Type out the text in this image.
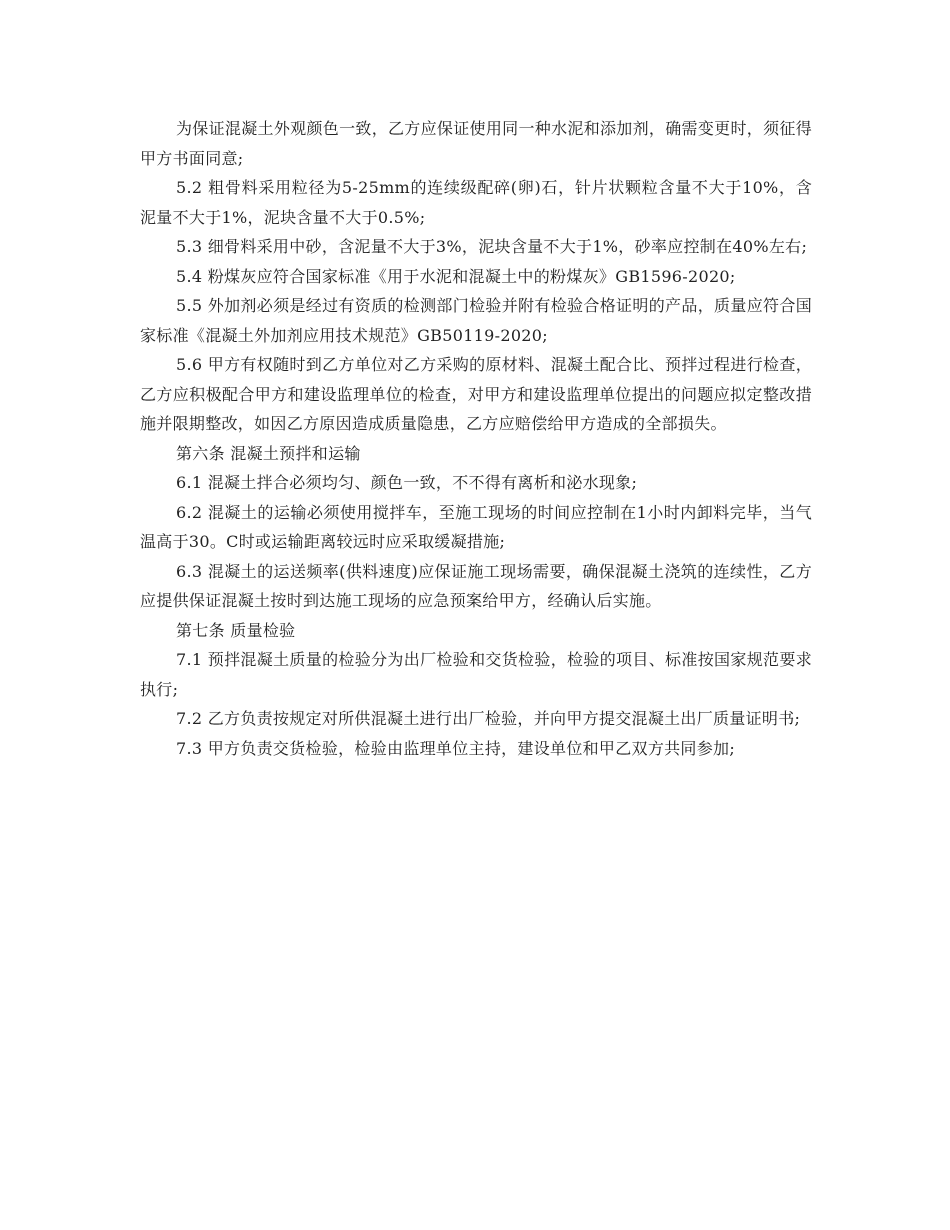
为保证混凝土外观颜色一致，乙方应保证使用同一种水泥和添加剂，确需变更时，须征得甲方书面同意;

5.2 粗骨料采用粒径为5-25mm的连续级配碎(卵)石，针片状颗粒含量不大于10%，含泥量不大于1%，泥块含量不大于0.5%;

5.3 细骨料采用中砂，含泥量不大于3%，泥块含量不大于1%，砂率应控制在40%左右;

5.4 粉煤灰应符合国家标准《用于水泥和混凝土中的粉煤灰》GB1596-2020;

5.5 外加剂必须是经过有资质的检测部门检验并附有检验合格证明的产品，质量应符合国家标准《混凝土外加剂应用技术规范》GB50119-2020;

5.6 甲方有权随时到乙方单位对乙方采购的原材料、混凝土配合比、预拌过程进行检查，乙方应积极配合甲方和建设监理单位的检查，对甲方和建设监理单位提出的问题应拟定整改措施并限期整改，如因乙方原因造成质量隐患，乙方应赔偿给甲方造成的全部损失。

第六条 混凝土预拌和运输

6.1 混凝土拌合必须均匀、颜色一致，不不得有离析和泌水现象;

6.2 混凝土的运输必须使用搅拌车，至施工现场的时间应控制在1小时内卸料完毕，当气温高于30。C时或运输距离较远时应采取缓凝措施;

6.3 混凝土的运送频率(供料速度)应保证施工现场需要，确保混凝土浇筑的连续性，乙方应提供保证混凝土按时到达施工现场的应急预案给甲方，经确认后实施。

第七条 质量检验

7.1 预拌混凝土质量的检验分为出厂检验和交货检验，检验的项目、标准按国家规范要求执行;

7.2 乙方负责按规定对所供混凝土进行出厂检验，并向甲方提交混凝土出厂质量证明书;

7.3 甲方负责交货检验，检验由监理单位主持，建设单位和甲乙双方共同参加;
